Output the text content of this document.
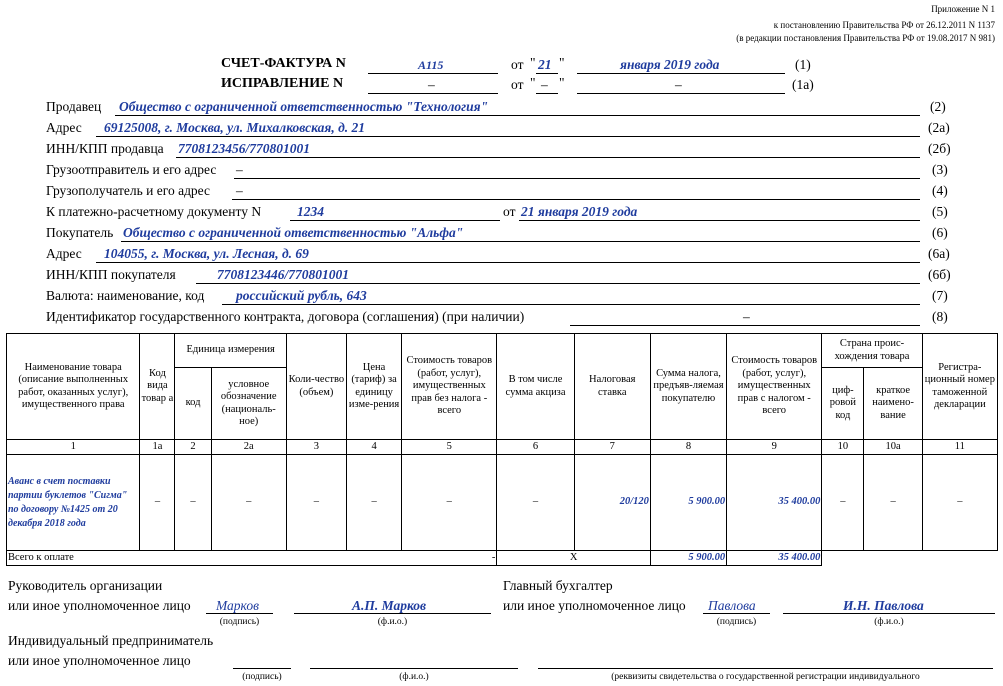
Приложение N 1
к постановлению Правительства РФ от 26.12.2011 N 1137
(в редакции постановления Правительства РФ от 19.08.2017 N 981)
СЧЕТ-ФАКТУРА N	А115	от " 21 "	января 2019 года	(1)
ИСПРАВЛЕНИЕ N	–	от " – "	–	(1а)
Продавец Общество с ограниченной ответственностью "Технология"	(2)
Адрес 69125008, г. Москва, ул. Михалковская, д. 21	(2а)
ИНН/КПП продавца 7708123456/770801001	(2б)
Грузоотправитель и его адрес –	(3)
Грузополучатель и его адрес –	(4)
К платежно-расчетному документу N	1234	от 21 января 2019 года	(5)
Покупатель Общество с ограниченной ответственностью "Альфа"	(6)
Адрес 104055, г. Москва, ул. Лесная, д. 69	(6а)
ИНН/КПП покупателя	7708123446/770801001	(6б)
Валюта: наименование, код российский рубль, 643	(7)
Идентификатор государственного контракта, договора (соглашения) (при наличии)	–	(8)
Наименование товара (описание выполненных работ, оказанных услуг), имущественного права	Код вида товар а	Единица измерения		Коли-чество (объем)	Цена (тариф) за единицу изме-рения	Стоимость товаров (работ, услуг), имущественных прав без налога - всего	В том числе сумма акциза	Налоговая ставка	Сумма налога, предъяв-ляемая покупателю	Стоимость товаров (работ, услуг), имущественных прав с налогом - всего	Страна проис-хождения товара		Регистра-ционный номер таможенной декларации
		код	условное обозначение (националь-ное)								циф-ровой код	краткое наимено-вание	
1	1а	2	2а	3	4	5	6	7	8	9	10	10а	11
Аванс в счет поставки партии буклетов "Сигма" по договору №1425 от 20 декабря 2018 года	–	–	–	–	–	–	–	20/120	5 900.00	35 400.00	–	–	–
Всего к оплате						-	X		5 900.00	35 400.00			
Руководитель организации
или иное уполномоченное лицо Марков	А.П. Марков
(подпись)	(ф.и.о.)
Главный бухгалтер
или иное уполномоченное лицо Павлова	И.Н. Павлова
(подпись)	(ф.и.о.)
Индивидуальный предприниматель
или иное уполномоченное лицо
(подпись)	(ф.и.о.)	(реквизиты свидетельства о государственной регистрации индивидуального
